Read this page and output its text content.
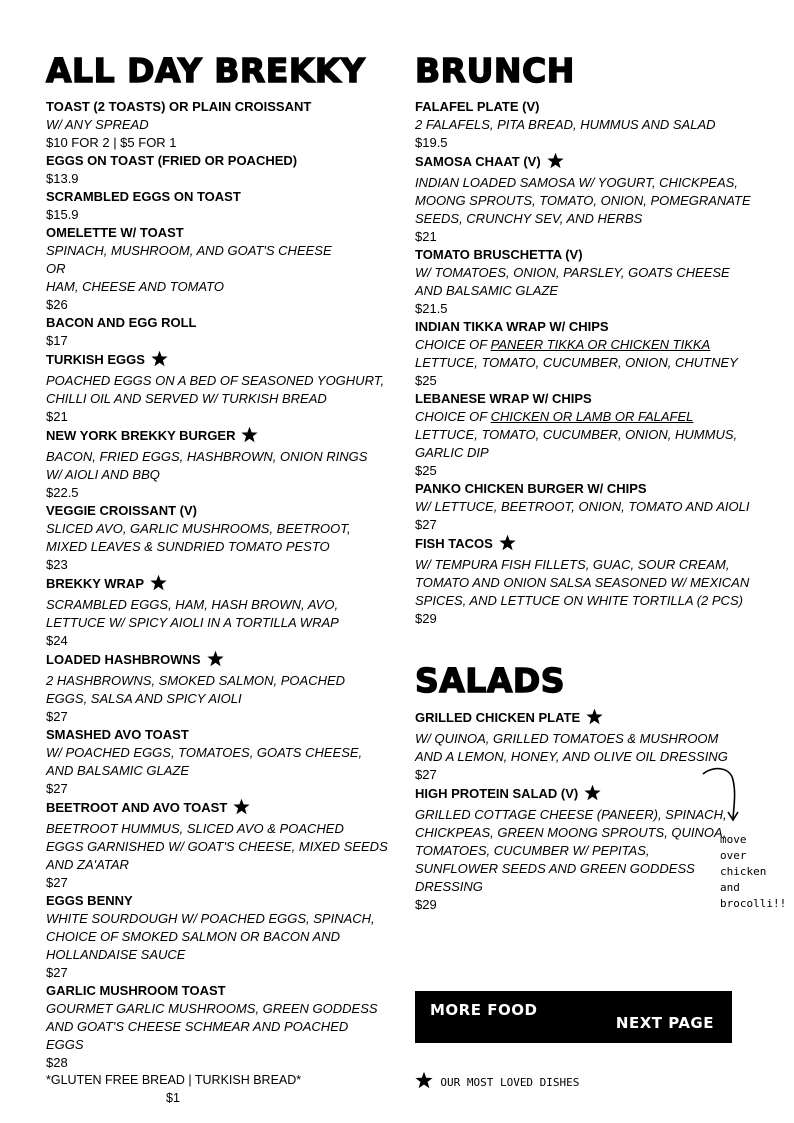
ALL DAY BREKKY
TOAST (2 TOASTS) OR PLAIN CROISSANT
W/ ANY SPREAD
$10 FOR 2 | $5 FOR 1
EGGS ON TOAST (FRIED OR POACHED)
$13.9
SCRAMBLED EGGS ON TOAST
$15.9
OMELETTE W/ TOAST
SPINACH, MUSHROOM, AND GOAT'S CHEESE
OR
HAM, CHEESE AND TOMATO
$26
BACON AND EGG ROLL
$17
TURKISH EGGS
POACHED EGGS ON A BED OF SEASONED YOGHURT,
CHILLI OIL AND SERVED W/ TURKISH BREAD
$21
NEW YORK BREKKY BURGER
BACON, FRIED EGGS, HASHBROWN, ONION RINGS
W/ AIOLI AND BBQ
$22.5
VEGGIE CROISSANT (V)
SLICED AVO, GARLIC MUSHROOMS, BEETROOT,
MIXED LEAVES & SUNDRIED TOMATO PESTO
$23
BREKKY WRAP
SCRAMBLED EGGS, HAM, HASH BROWN, AVO,
LETTUCE W/ SPICY AIOLI IN A TORTILLA WRAP
$24
LOADED HASHBROWNS
2 HASHBROWNS, SMOKED SALMON, POACHED
EGGS, SALSA AND SPICY AIOLI
$27
SMASHED AVO TOAST
W/ POACHED EGGS, TOMATOES, GOATS CHEESE,
AND BALSAMIC GLAZE
$27
BEETROOT AND AVO TOAST
BEETROOT HUMMUS, SLICED AVO & POACHED
EGGS GARNISHED W/ GOAT'S CHEESE, MIXED SEEDS
AND ZA'ATAR
$27
EGGS BENNY
WHITE SOURDOUGH W/ POACHED EGGS, SPINACH,
CHOICE OF SMOKED SALMON OR BACON AND
HOLLANDAISE SAUCE
$27
GARLIC MUSHROOM TOAST
GOURMET GARLIC MUSHROOMS, GREEN GODDESS
AND GOAT'S CHEESE SCHMEAR AND POACHED
EGGS
$28
BRUNCH
FALAFEL PLATE (V)
2 FALAFELS, PITA BREAD, HUMMUS AND SALAD
$19.5
SAMOSA CHAAT (V)
INDIAN LOADED SAMOSA W/ YOGURT, CHICKPEAS,
MOONG SPROUTS, TOMATO, ONION, POMEGRANATE
SEEDS, CRUNCHY SEV, AND HERBS
$21
TOMATO BRUSCHETTA (V)
W/ TOMATOES, ONION, PARSLEY, GOATS CHEESE
AND BALSAMIC GLAZE
$21.5
INDIAN TIKKA WRAP W/ CHIPS
CHOICE OF PANEER TIKKA OR CHICKEN TIKKA
LETTUCE, TOMATO, CUCUMBER, ONION, CHUTNEY
$25
LEBANESE WRAP W/ CHIPS
CHOICE OF CHICKEN OR LAMB OR FALAFEL
LETTUCE, TOMATO, CUCUMBER, ONION, HUMMUS,
GARLIC DIP
$25
PANKO CHICKEN BURGER W/ CHIPS
W/ LETTUCE, BEETROOT, ONION, TOMATO AND AIOLI
$27
FISH TACOS
W/ TEMPURA FISH FILLETS, GUAC, SOUR CREAM,
TOMATO AND ONION SALSA SEASONED W/ MEXICAN
SPICES, AND LETTUCE ON WHITE TORTILLA (2 PCS)
$29
SALADS
GRILLED CHICKEN PLATE
W/ QUINOA, GRILLED TOMATOES & MUSHROOM
AND A LEMON, HONEY, AND OLIVE OIL DRESSING
$27
HIGH PROTEIN SALAD (V)
GRILLED COTTAGE CHEESE (PANEER), SPINACH,
CHICKPEAS, GREEN MOONG SPROUTS, QUINOA,
TOMATOES, CUCUMBER W/ PEPITAS,
SUNFLOWER SEEDS AND GREEN GODDESS
DRESSING
$29
move
over
chicken
and
brocolli!!
*GLUTEN FREE BREAD | TURKISH BREAD*
$1
MORE FOOD
NEXT PAGE
OUR MOST LOVED DISHES
